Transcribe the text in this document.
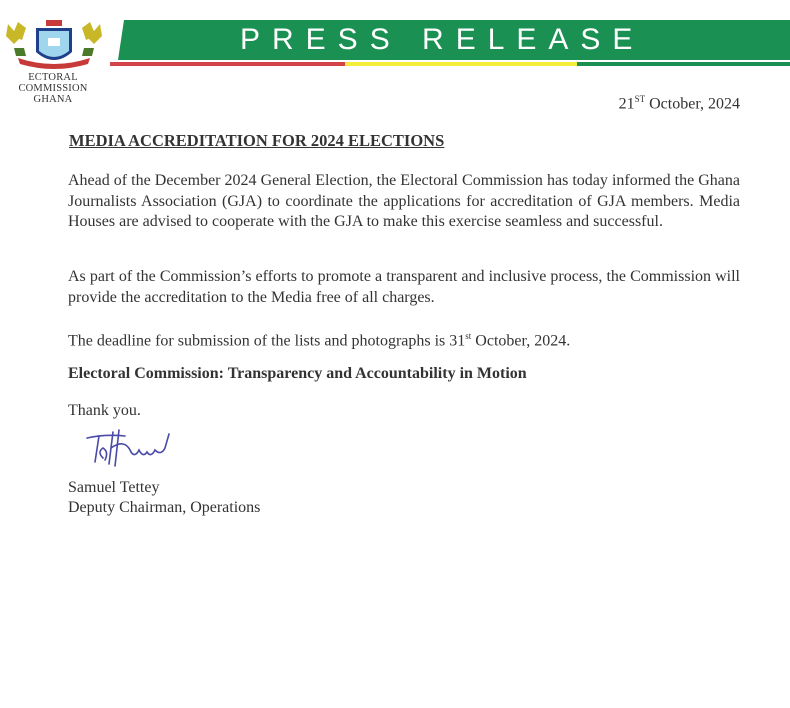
ECTORAL COMMISSION
GHANA
PRESS RELEASE
21ST October, 2024
MEDIA ACCREDITATION FOR 2024 ELECTIONS
Ahead of the December 2024 General Election, the Electoral Commission has today informed the Ghana Journalists Association (GJA) to coordinate the applications for accreditation of GJA members. Media Houses are advised to cooperate with the GJA to make this exercise seamless and successful.
As part of the Commission’s efforts to promote a transparent and inclusive process, the Commission will provide the accreditation to the Media free of all charges.
The deadline for submission of the lists and photographs is 31st October, 2024.
Electoral Commission: Transparency and Accountability in Motion
Thank you.
Samuel Tettey
Deputy Chairman, Operations
